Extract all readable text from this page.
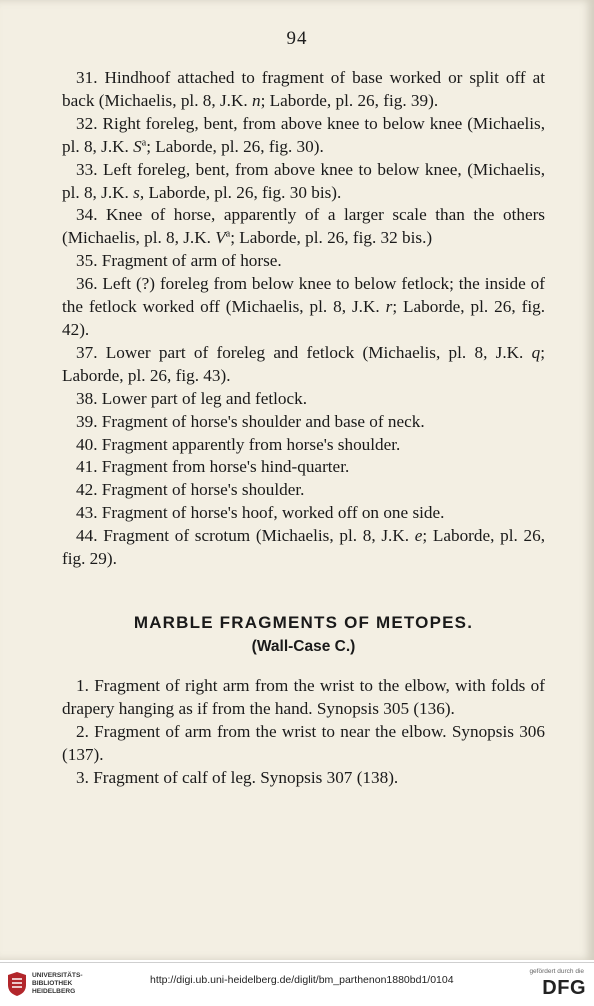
94

31. Hindhoof attached to fragment of base worked or split off at back (Michaelis, pl. 8, J.K. n; Laborde, pl. 26, fig. 39).

32. Right foreleg, bent, from above knee to below knee (Michaelis, pl. 8, J.K. $S^a$; Laborde, pl. 26, fig. 30).

33. Left foreleg, bent, from above knee to below knee, (Michaelis, pl. 8, J.K. s, Laborde, pl. 26, fig. 30 bis).

34. Knee of horse, apparently of a larger scale than the others (Michaelis, pl. 8, J.K. $V^a$; Laborde, pl. 26, fig. 32 bis.)

35. Fragment of arm of horse.

36. Left (?) foreleg from below knee to below fetlock; the inside of the fetlock worked off (Michaelis, pl. 8, J.K. r; Laborde, pl. 26, fig. 42).

37. Lower part of foreleg and fetlock (Michaelis, pl. 8, J.K. q; Laborde, pl. 26, fig. 43).

38. Lower part of leg and fetlock.

39. Fragment of horse's shoulder and base of neck.

40. Fragment apparently from horse's shoulder.

41. Fragment from horse's hind-quarter.

42. Fragment of horse's shoulder.

43. Fragment of horse's hoof, worked off on one side.

44. Fragment of scrotum (Michaelis, pl. 8, J.K. e; Laborde, pl. 26, fig. 29).

MARBLE FRAGMENTS OF METOPES.

(Wall-Case C.)

1. Fragment of right arm from the wrist to the elbow, with folds of drapery hanging as if from the hand. Synopsis 305 (136).

2. Fragment of arm from the wrist to near the elbow. Synopsis 306 (137).

3. Fragment of calf of leg. Synopsis 307 (138).

UNIVERSITÄTS-
BIBLIOTHEK
HEIDELBERG
http://digi.ub.uni-heidelberg.de/diglit/bm_parthenon1880bd1/0104
gefördert durch die
DFG
